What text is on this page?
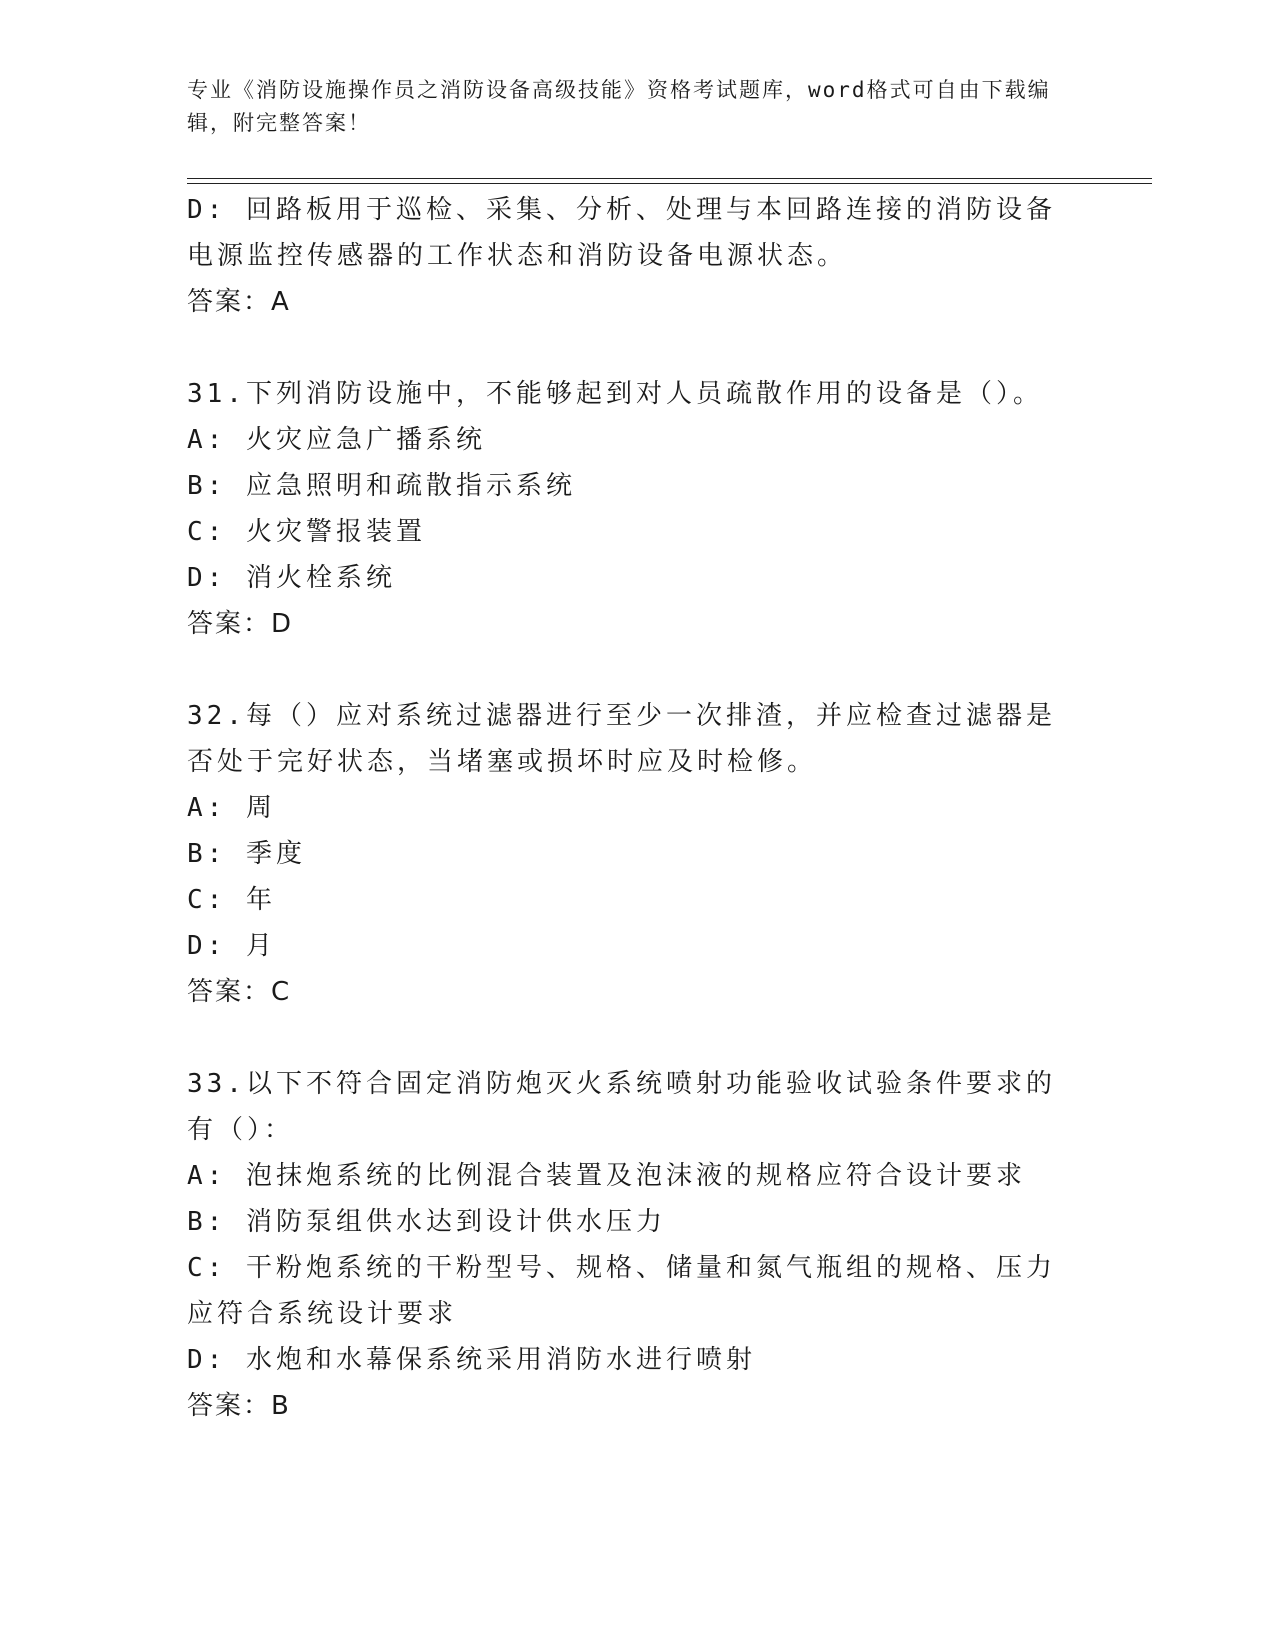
专业《消防设施操作员之消防设备高级技能》资格考试题库，word格式可自由下载编辑，附完整答案！
D: 回路板用于巡检、采集、分析、处理与本回路连接的消防设备电源监控传感器的工作状态和消防设备电源状态。
答案：A
31.下列消防设施中，不能够起到对人员疏散作用的设备是（）。
A: 火灾应急广播系统
B: 应急照明和疏散指示系统
C: 火灾警报装置
D: 消火栓系统
答案：D
32.每（）应对系统过滤器进行至少一次排渣，并应检查过滤器是否处于完好状态，当堵塞或损坏时应及时检修。
A: 周
B: 季度
C: 年
D: 月
答案：C
33.以下不符合固定消防炮灭火系统喷射功能验收试验条件要求的有（）：
A: 泡抹炮系统的比例混合装置及泡沫液的规格应符合设计要求
B: 消防泵组供水达到设计供水压力
C: 干粉炮系统的干粉型号、规格、储量和氮气瓶组的规格、压力应符合系统设计要求
D: 水炮和水幕保系统采用消防水进行喷射
答案：B
